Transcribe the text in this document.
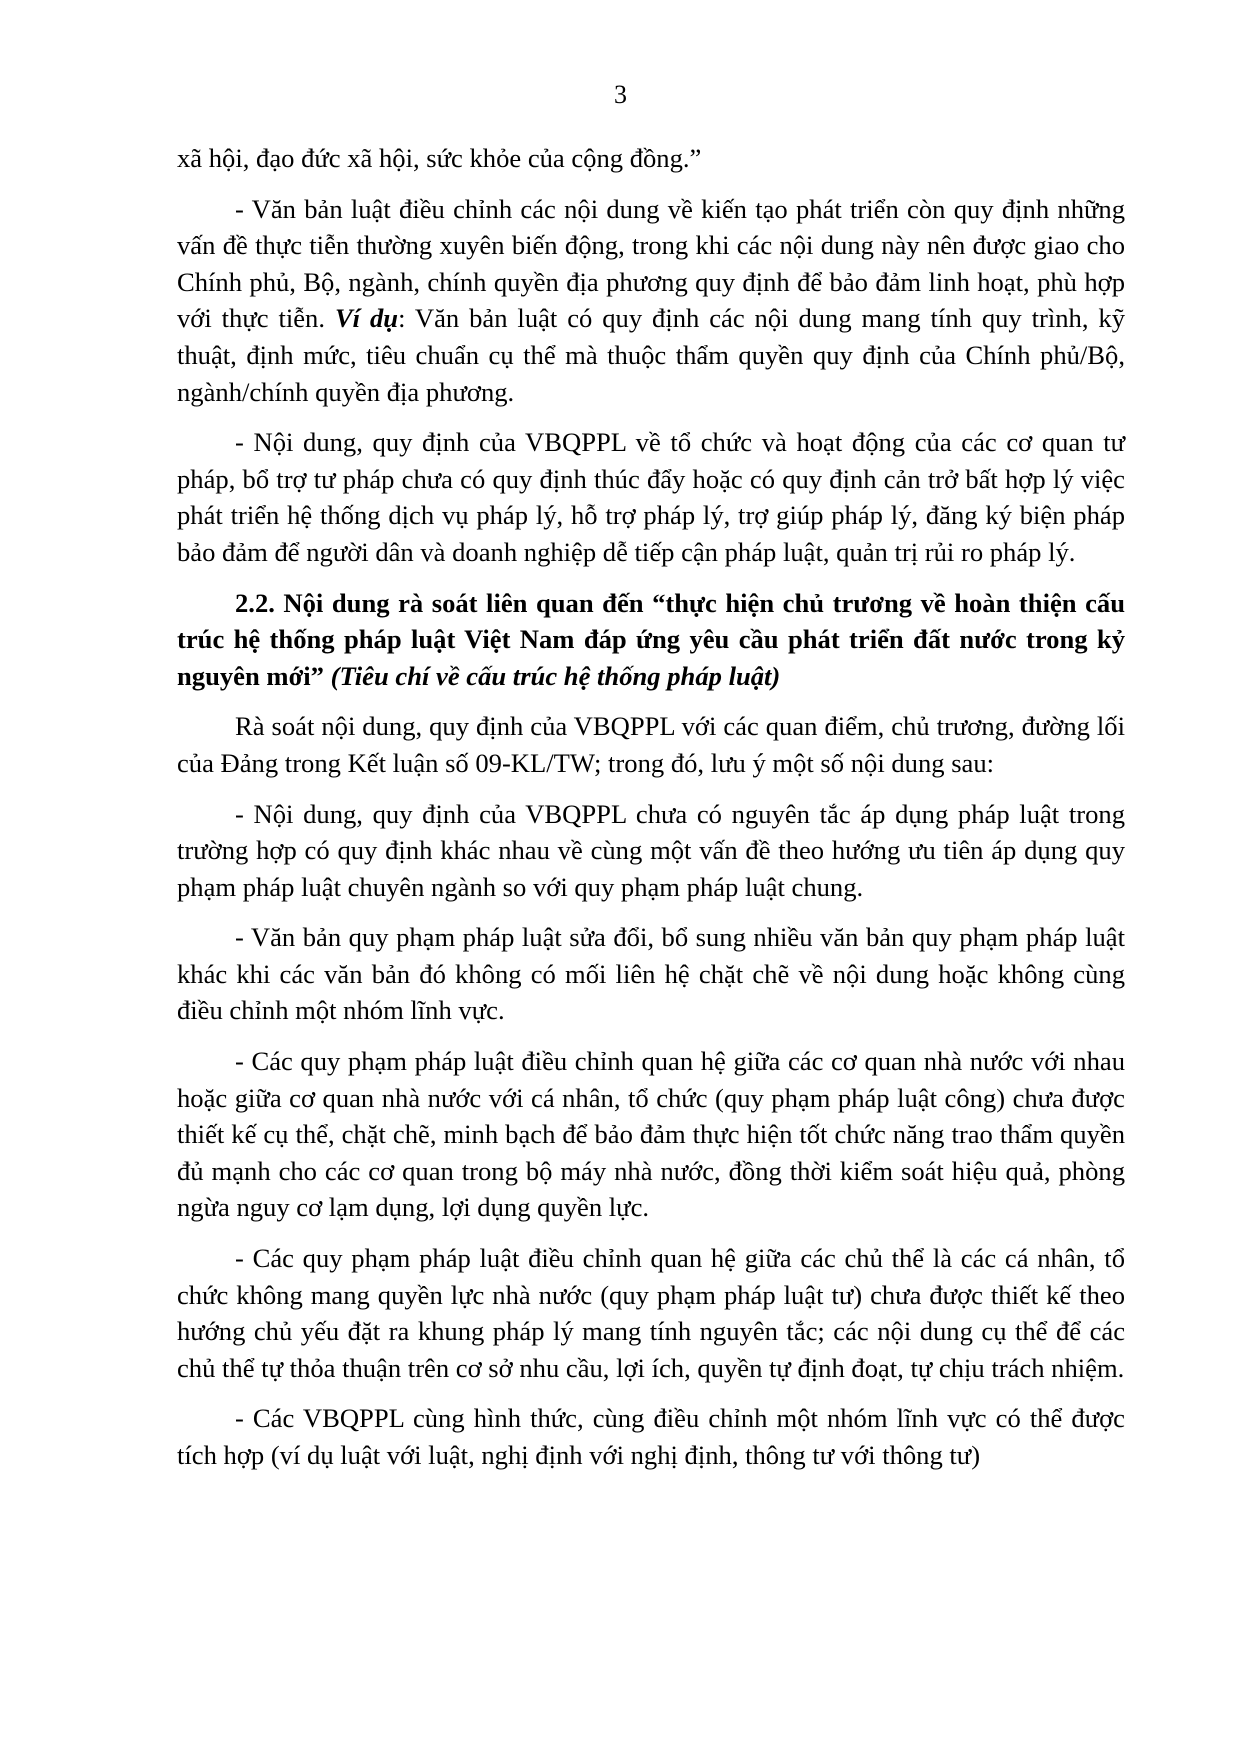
3

xã hội, đạo đức xã hội, sức khỏe của cộng đồng.”

- Văn bản luật điều chỉnh các nội dung về kiến tạo phát triển còn quy định những vấn đề thực tiễn thường xuyên biến động, trong khi các nội dung này nên được giao cho Chính phủ, Bộ, ngành, chính quyền địa phương quy định để bảo đảm linh hoạt, phù hợp với thực tiễn. Ví dụ: Văn bản luật có quy định các nội dung mang tính quy trình, kỹ thuật, định mức, tiêu chuẩn cụ thể mà thuộc thẩm quyền quy định của Chính phủ/Bộ, ngành/chính quyền địa phương.

- Nội dung, quy định của VBQPPL về tổ chức và hoạt động của các cơ quan tư pháp, bổ trợ tư pháp chưa có quy định thúc đẩy hoặc có quy định cản trở bất hợp lý việc phát triển hệ thống dịch vụ pháp lý, hỗ trợ pháp lý, trợ giúp pháp lý, đăng ký biện pháp bảo đảm để người dân và doanh nghiệp dễ tiếp cận pháp luật, quản trị rủi ro pháp lý.

2.2. Nội dung rà soát liên quan đến “thực hiện chủ trương về hoàn thiện cấu trúc hệ thống pháp luật Việt Nam đáp ứng yêu cầu phát triển đất nước trong kỷ nguyên mới” (Tiêu chí về cấu trúc hệ thống pháp luật)

Rà soát nội dung, quy định của VBQPPL với các quan điểm, chủ trương, đường lối của Đảng trong Kết luận số 09-KL/TW; trong đó, lưu ý một số nội dung sau:

- Nội dung, quy định của VBQPPL chưa có nguyên tắc áp dụng pháp luật trong trường hợp có quy định khác nhau về cùng một vấn đề theo hướng ưu tiên áp dụng quy phạm pháp luật chuyên ngành so với quy phạm pháp luật chung.

- Văn bản quy phạm pháp luật sửa đổi, bổ sung nhiều văn bản quy phạm pháp luật khác khi các văn bản đó không có mối liên hệ chặt chẽ về nội dung hoặc không cùng điều chỉnh một nhóm lĩnh vực.

- Các quy phạm pháp luật điều chỉnh quan hệ giữa các cơ quan nhà nước với nhau hoặc giữa cơ quan nhà nước với cá nhân, tổ chức (quy phạm pháp luật công) chưa được thiết kế cụ thể, chặt chẽ, minh bạch để bảo đảm thực hiện tốt chức năng trao thẩm quyền đủ mạnh cho các cơ quan trong bộ máy nhà nước, đồng thời kiểm soát hiệu quả, phòng ngừa nguy cơ lạm dụng, lợi dụng quyền lực.

- Các quy phạm pháp luật điều chỉnh quan hệ giữa các chủ thể là các cá nhân, tổ chức không mang quyền lực nhà nước (quy phạm pháp luật tư) chưa được thiết kế theo hướng chủ yếu đặt ra khung pháp lý mang tính nguyên tắc; các nội dung cụ thể để các chủ thể tự thỏa thuận trên cơ sở nhu cầu, lợi ích, quyền tự định đoạt, tự chịu trách nhiệm.

- Các VBQPPL cùng hình thức, cùng điều chỉnh một nhóm lĩnh vực có thể được tích hợp (ví dụ luật với luật, nghị định với nghị định, thông tư với thông tư)
